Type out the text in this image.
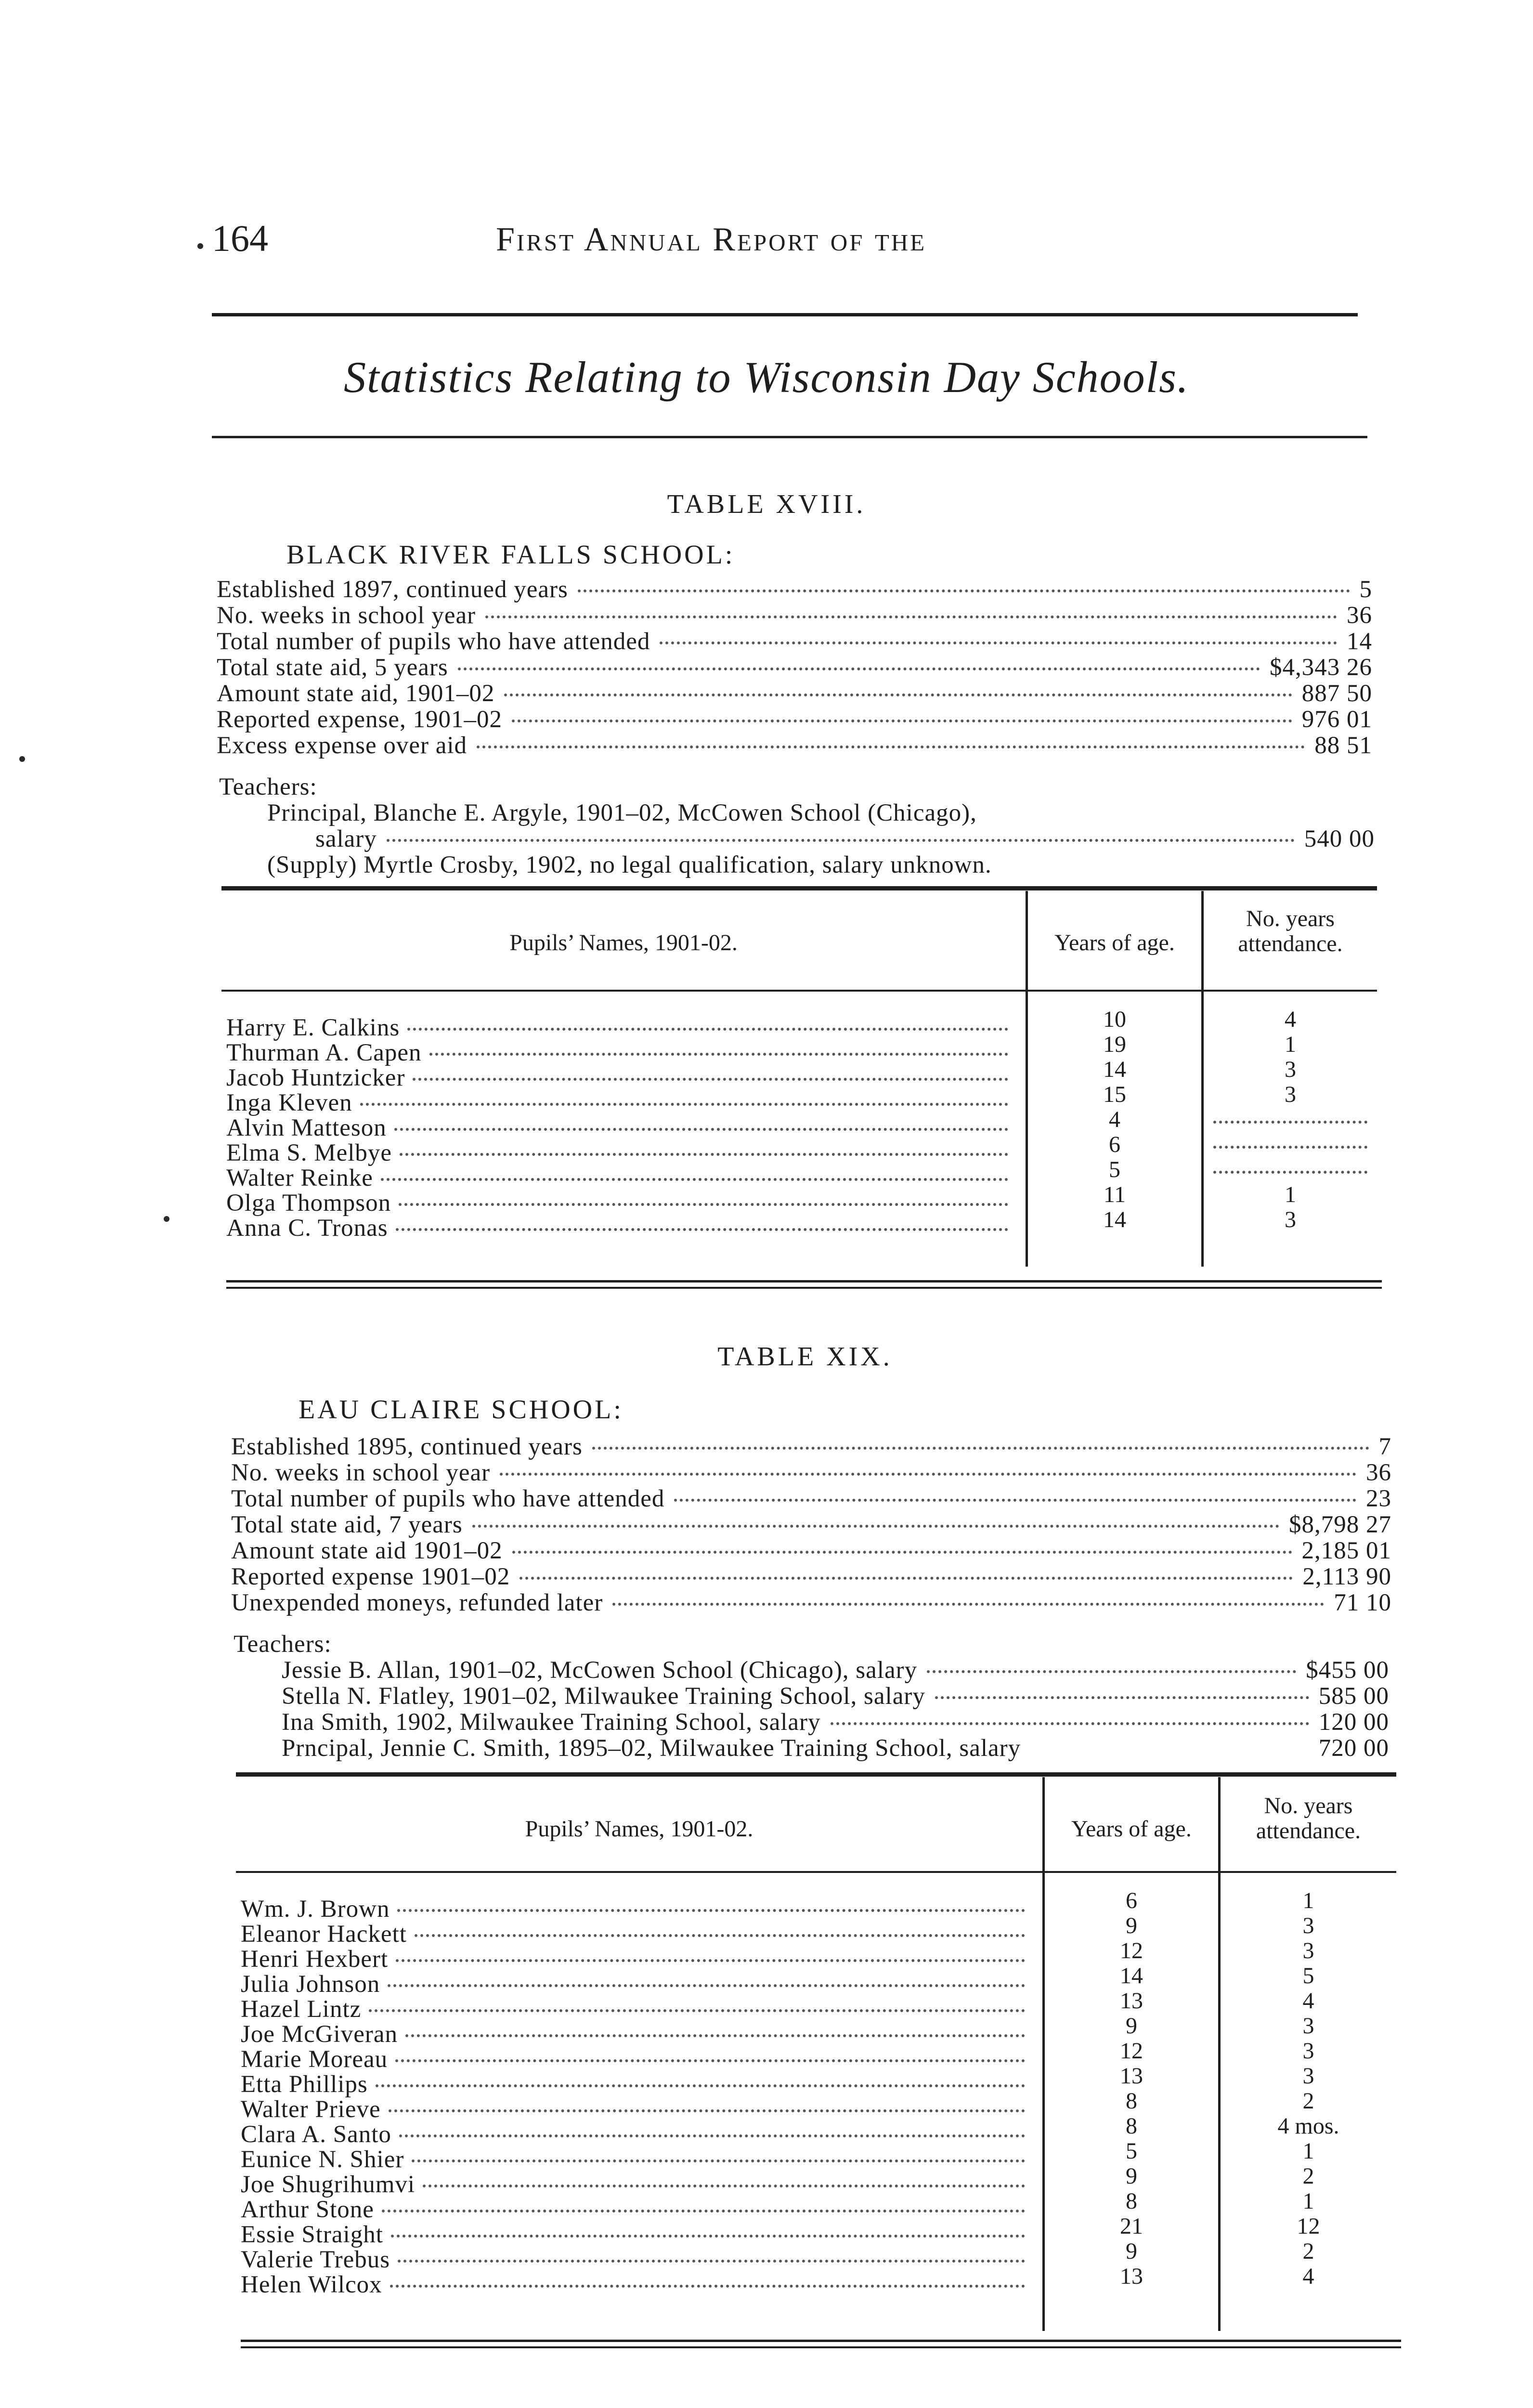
164	First Annual Report of the
Statistics Relating to Wisconsin Day Schools.
TABLE XVIII.
BLACK RIVER FALLS SCHOOL:
Established 1897, continued years	5
No. weeks in school year	36
Total number of pupils who have attended	14
Total state aid, 5 years	$4,343 26
Amount state aid, 1901–02	887 50
Reported expense, 1901–02	976 01
Excess expense over aid	88 51
Teachers:
Principal, Blanche E. Argyle, 1901–02, McCowen School (Chicago),
salary	540 00
(Supply) Myrtle Crosby, 1902, no legal qualification, salary unknown.
Pupils’ Names, 1901-02.	Years of age.
No. years
attendance.
Harry E. Calkins	10	4
Thurman A. Capen	19	1
Jacob Huntzicker	14	3
Inga Kleven	15	3
Alvin Matteson	4
Elma S. Melbye	6
Walter Reinke	5
Olga Thompson	11	1
Anna C. Tronas	14	3
TABLE XIX.
EAU CLAIRE SCHOOL:
Established 1895, continued years	7
No. weeks in school year	36
Total number of pupils who have attended	23
Total state aid, 7 years	$8,798 27
Amount state aid 1901–02	2,185 01
Reported expense 1901–02	2,113 90
Unexpended moneys, refunded later	71 10
Teachers:
Jessie B. Allan, 1901–02, McCowen School (Chicago), salary	$455 00
Stella N. Flatley, 1901–02, Milwaukee Training School, salary	585 00
Ina Smith, 1902, Milwaukee Training School, salary	120 00
Prncipal, Jennie C. Smith, 1895–02, Milwaukee Training School, salary	720 00
Pupils’ Names, 1901-02.	Years of age.
No. years
attendance.
Wm. J. Brown	6	1
Eleanor Hackett	9	3
Henri Hexbert	12	3
Julia Johnson	14	5
Hazel Lintz	13	4
Joe McGiveran	9	3
Marie Moreau	12	3
Etta Phillips	13	3
Walter Prieve	8	2
Clara A. Santo	8	4 mos.
Eunice N. Shier	5	1
Joe Shugrihumvi	9	2
Arthur Stone	8	1
Essie Straight	21	12
Valerie Trebus	9	2
Helen Wilcox	13	4
